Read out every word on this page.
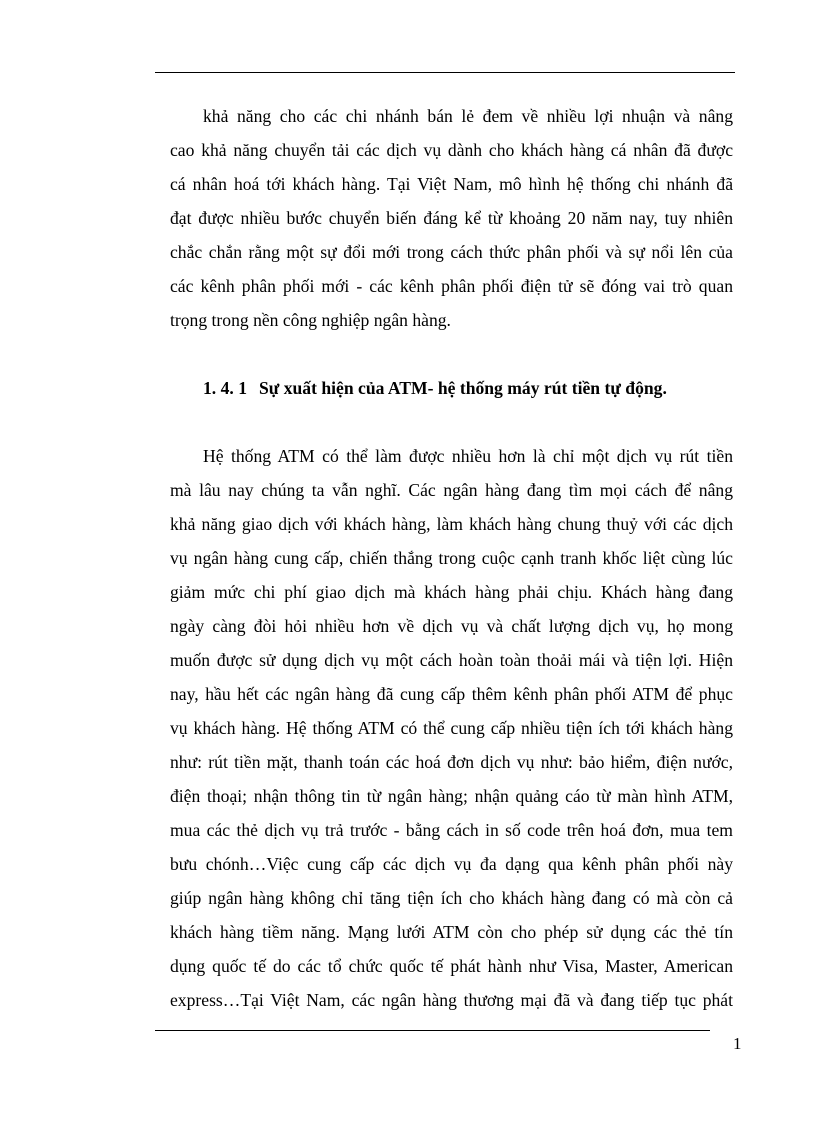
khả năng cho các chi nhánh bán lẻ đem về nhiều lợi nhuận và nâng
cao khả năng chuyển tải các dịch vụ dành cho khách hàng cá nhân đã được
cá nhân hoá tới khách hàng. Tại Việt Nam, mô hình hệ thống chi nhánh đã
đạt được nhiều bước chuyển biến đáng kể từ khoảng 20 năm nay, tuy nhiên
chắc chắn rằng một sự đổi mới trong cách thức phân phối và sự nổi lên của
các kênh phân phối mới - các kênh phân phối điện tử sẽ đóng vai trò quan
trọng trong nền công nghiệp ngân hàng.
1. 4. 1 Sự xuất hiện của ATM- hệ thống máy rút tiền tự động.
Hệ thống ATM có thể làm được nhiều hơn là chỉ một dịch vụ rút tiền
mà lâu nay chúng ta vẫn nghĩ. Các ngân hàng đang tìm mọi cách để nâng
khả năng giao dịch với khách hàng, làm khách hàng chung thuỷ với các dịch
vụ ngân hàng cung cấp, chiến thắng trong cuộc cạnh tranh khốc liệt cùng lúc
giảm mức chi phí giao dịch mà khách hàng phải chịu. Khách hàng đang
ngày càng đòi hỏi nhiều hơn về dịch vụ và chất lượng dịch vụ, họ mong
muốn được sử dụng dịch vụ một cách hoàn toàn thoải mái và tiện lợi. Hiện
nay, hầu hết các ngân hàng đã cung cấp thêm kênh phân phối ATM để phục
vụ khách hàng. Hệ thống ATM có thể cung cấp nhiều tiện ích tới khách hàng
như: rút tiền mặt, thanh toán các hoá đơn dịch vụ như: bảo hiểm, điện nước,
điện thoại; nhận thông tin từ ngân hàng; nhận quảng cáo từ màn hình ATM,
mua các thẻ dịch vụ trả trước - bằng cách in số code trên hoá đơn, mua tem
bưu chónh…Việc cung cấp các dịch vụ đa dạng qua kênh phân phối này
giúp ngân hàng không chỉ tăng tiện ích cho khách hàng đang có mà còn cả
khách hàng tiềm năng. Mạng lưới ATM còn cho phép sử dụng các thẻ tín
dụng quốc tế do các tổ chức quốc tế phát hành như Visa, Master, American
express…Tại Việt Nam, các ngân hàng thương mại đã và đang tiếp tục phát
1
